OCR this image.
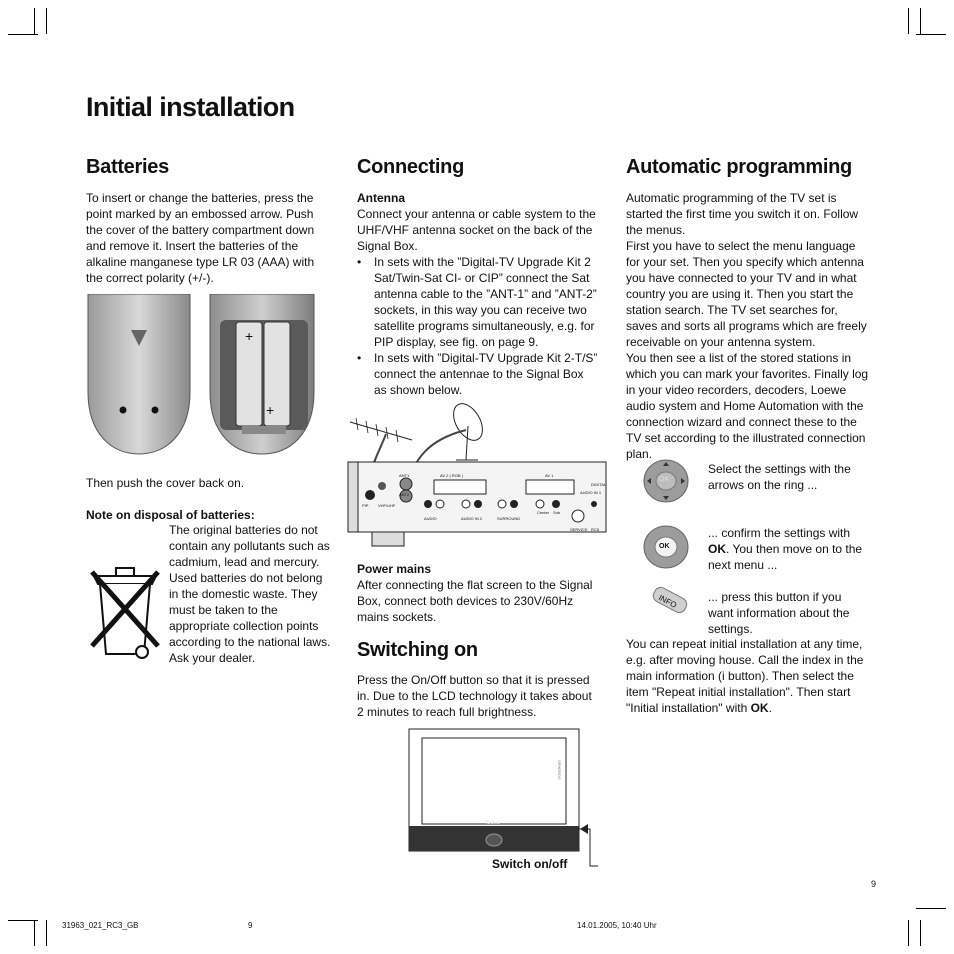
Initial installation
Batteries
To insert or change the batteries, press the point marked by an embossed arrow. Push the cover of the battery compartment down and remove it. Insert the batteries of the alkaline manganese type LR 03 (AAA) with the correct polarity (+/-).
+
+
Then push the cover back on.
Note on disposal of batteries:
The original batteries do not contain any pollutants such as cadmium, lead and mercury. Used batteries do not belong in the domestic waste. They must be taken to the appropriate collection points according to the national laws. Ask your dealer.
Connecting

Antenna

Connect your antenna or cable system to the UHF/VHF antenna socket on the back of the Signal Box.

• In sets with the ”Digital-TV Upgrade Kit 2 Sat/Twin-Sat CI- or CIP” connect the Sat antenna cable to the ”ANT-1” and ”ANT-2” sockets, in this way you can receive two satellite programs simultaneously, e.g. for PIP display, see fig. on page 9.
• In sets with ”Digital-TV Upgrade Kit 2-T/S” connect the antennae to the Signal Box as shown below.
ANT1
ANT2
AV 2 ( RGB )	AV 1
DIGITAL
AUDIO IN 1
PIP VHF/UHF
AUDIO	AUDIO IN 2	SURROUND
Center Sub
SERVICE RC5

Power mains

After connecting the flat screen to the Signal Box, connect both devices to 230V/60Hz mains sockets.

Switching on
Press the On/Off button so that it is pressed in. Due to the LCD technology it takes about 2 minutes to reach full brightness.
loewe
SPHEROS
Switch on/off
Automatic programming

Automatic programming of the TV set is started the first time you switch it on. Follow the menus.

First you have to select the menu language for your set. Then you specify which antenna you have connected to your TV and in what country you are using it. Then you start the station search. The TV set searches for, saves and sorts all programs which are freely receivable on your antenna system.

You then see a list of the stored stations in which you can mark your favorites. Finally log in your video recorders, decoders, Loewe audio system and Home Automation with the connection wizard and connect these to the TV set according to the illustrated connection plan.

OK
Select the settings with the arrows on the ring ...
OK
... confirm the settings with OK. You then move on to the next menu ...
INFO ... press this button if you want information about the settings.
You can repeat initial installation at any time, e.g. after moving house. Call the index in the main information (i button). Then select the item "Repeat initial installation". Then start "Initial installation" with OK.
9
31963_021_RC3_GB	9	14.01.2005, 10:40 Uhr
